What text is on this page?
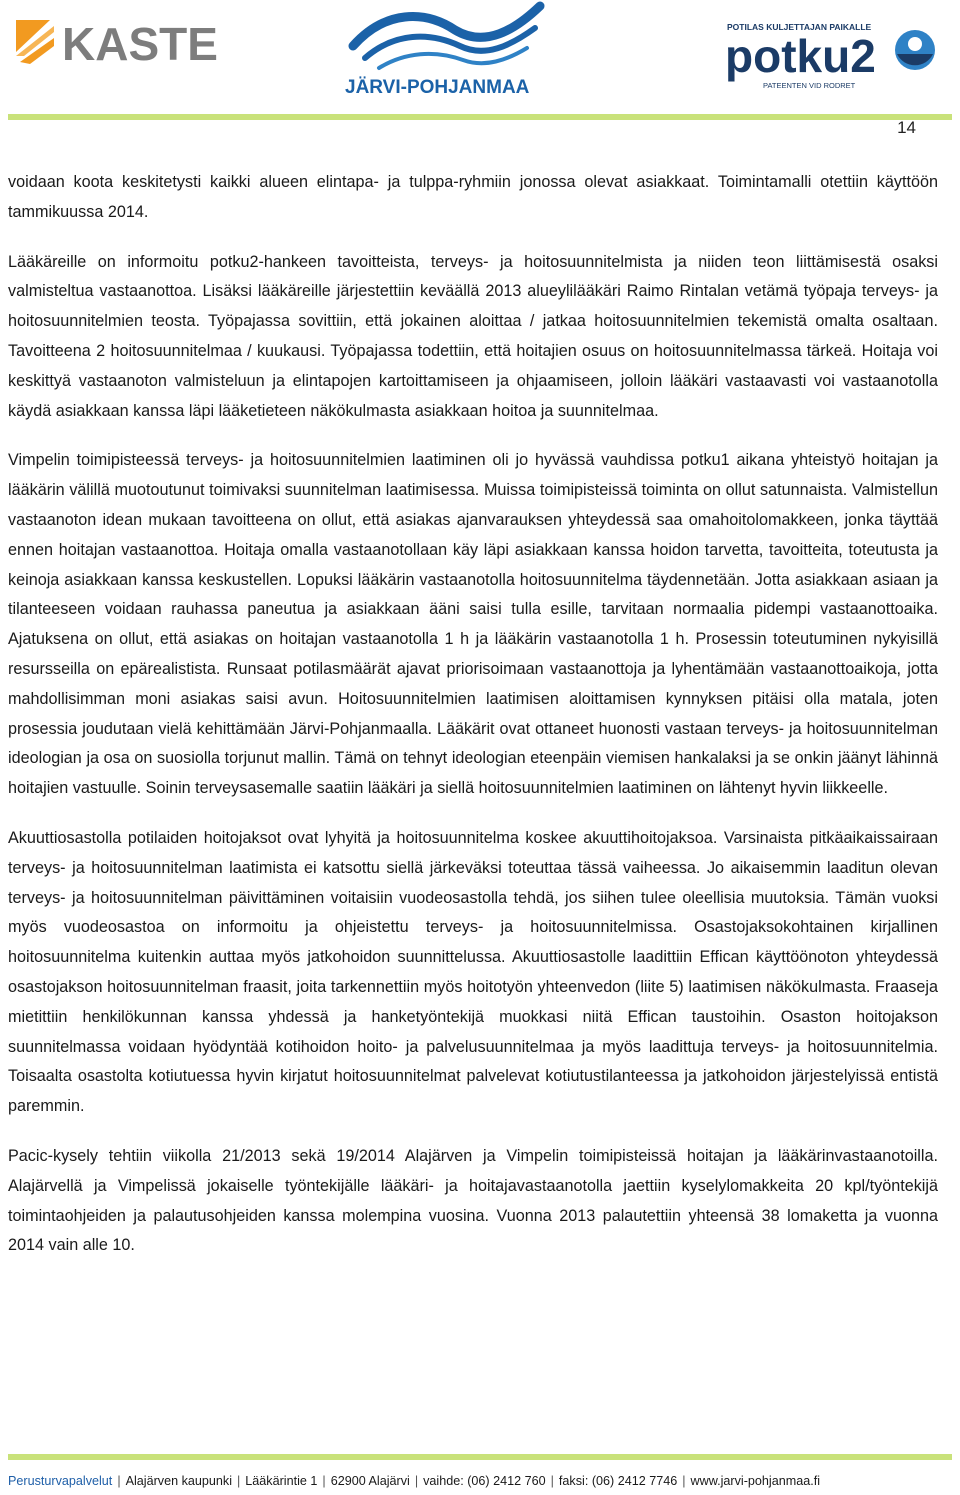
KASTE
JÄRVI-POHJANMAA
POTILAS KULJETTAJAN PAIKALLE
potku2
PATEENTEN VID RODRET
14

voidaan koota keskitetysti kaikki alueen elintapa- ja tulppa-ryhmiin jonossa olevat asiakkaat. Toimintamalli otettiin käyttöön tammikuussa 2014.

Lääkäreille on informoitu potku2-hankeen tavoitteista, terveys- ja hoitosuunnitelmista ja niiden teon liittämisestä osaksi valmisteltua vastaanottoa. Lisäksi lääkäreille järjestettiin keväällä 2013 alueylilääkäri Raimo Rintalan vetämä työpaja terveys- ja hoitosuunnitelmien teosta. Työpajassa sovittiin, että jokainen aloittaa / jatkaa hoitosuunnitelmien tekemistä omalta osaltaan. Tavoitteena 2 hoitosuunnitelmaa / kuukausi. Työpajassa todettiin, että hoitajien osuus on hoitosuunnitelmassa tärkeä. Hoitaja voi keskittyä vastaanoton valmisteluun ja elintapojen kartoittamiseen ja ohjaamiseen, jolloin lääkäri vastaavasti voi vastaanotolla käydä asiakkaan kanssa läpi lääketieteen näkökulmasta asiakkaan hoitoa ja suunnitelmaa.

Vimpelin toimipisteessä terveys- ja hoitosuunnitelmien laatiminen oli jo hyvässä vauhdissa potku1 aikana yhteistyö hoitajan ja lääkärin välillä muotoutunut toimivaksi suunnitelman laatimisessa. Muissa toimipisteissä toiminta on ollut satunnaista. Valmistellun vastaanoton idean mukaan tavoitteena on ollut, että asiakas ajanvarauksen yhteydessä saa omahoitolomakkeen, jonka täyttää ennen hoitajan vastaanottoa. Hoitaja omalla vastaanotollaan käy läpi asiakkaan kanssa hoidon tarvetta, tavoitteita, toteutusta ja keinoja asiakkaan kanssa keskustellen. Lopuksi lääkärin vastaanotolla hoitosuunnitelma täydennetään. Jotta asiakkaan asiaan ja tilanteeseen voidaan rauhassa paneutua ja asiakkaan ääni saisi tulla esille, tarvitaan normaalia pidempi vastaanottoaika. Ajatuksena on ollut, että asiakas on hoitajan vastaanotolla 1 h ja lääkärin vastaanotolla 1 h. Prosessin toteutuminen nykyisillä resursseilla on epärealistista. Runsaat potilasmäärät ajavat priorisoimaan vastaanottoja ja lyhentämään vastaanottoaikoja, jotta mahdollisimman moni asiakas saisi avun. Hoitosuunnitelmien laatimisen aloittamisen kynnyksen pitäisi olla matala, joten prosessia joudutaan vielä kehittämään Järvi-Pohjanmaalla. Lääkärit ovat ottaneet huonosti vastaan terveys- ja hoitosuunnitelman ideologian ja osa on suosiolla torjunut mallin. Tämä on tehnyt ideologian eteenpäin viemisen hankalaksi ja se onkin jäänyt lähinnä hoitajien vastuulle. Soinin terveysasemalle saatiin lääkäri ja siellä hoitosuunnitelmien laatiminen on lähtenyt hyvin liikkeelle.

Akuuttiosastolla potilaiden hoitojaksot ovat lyhyitä ja hoitosuunnitelma koskee akuuttihoitojaksoa. Varsinaista pitkäaikaissairaan terveys- ja hoitosuunnitelman laatimista ei katsottu siellä järkeväksi toteuttaa tässä vaiheessa. Jo aikaisemmin laaditun olevan terveys- ja hoitosuunnitelman päivittäminen voitaisiin vuodeosastolla tehdä, jos siihen tulee oleellisia muutoksia. Tämän vuoksi myös vuodeosastoa on informoitu ja ohjeistettu terveys- ja hoitosuunnitelmissa. Osastojaksokohtainen kirjallinen hoitosuunnitelma kuitenkin auttaa myös jatkohoidon suunnittelussa. Akuuttiosastolle laadittiin Effican käyttöönoton yhteydessä osastojakson hoitosuunnitelman fraasit, joita tarkennettiin myös hoitotyön yhteenvedon (liite 5) laatimisen näkökulmasta. Fraaseja mietittiin henkilökunnan kanssa yhdessä ja hanketyöntekijä muokkasi niitä Effican taustoihin. Osaston hoitojakson suunnitelmassa voidaan hyödyntää kotihoidon hoito- ja palvelusuunnitelmaa ja myös laadittuja terveys- ja hoitosuunnitelmia. Toisaalta osastolta kotiutuessa hyvin kirjatut hoitosuunnitelmat palvelevat kotiutustilanteessa ja jatkohoidon järjestelyissä entistä paremmin.

Pacic-kysely tehtiin viikolla 21/2013 sekä 19/2014 Alajärven ja Vimpelin toimipisteissä hoitajan ja lääkärinvastaanotoilla. Alajärvellä ja Vimpelissä jokaiselle työntekijälle lääkäri- ja hoitajavastaanotolla jaettiin kyselylomakkeita 20 kpl/työntekijä toimintaohjeiden ja palautusohjeiden kanssa molempina vuosina. Vuonna 2013 palautettiin yhteensä 38 lomaketta ja vuonna 2014 vain alle 10.

Perusturvapalvelut | Alajärven kaupunki | Lääkärintie 1 | 62900 Alajärvi | vaihde: (06) 2412 760 | faksi: (06) 2412 7746 | www.jarvi-pohjanmaa.fi
